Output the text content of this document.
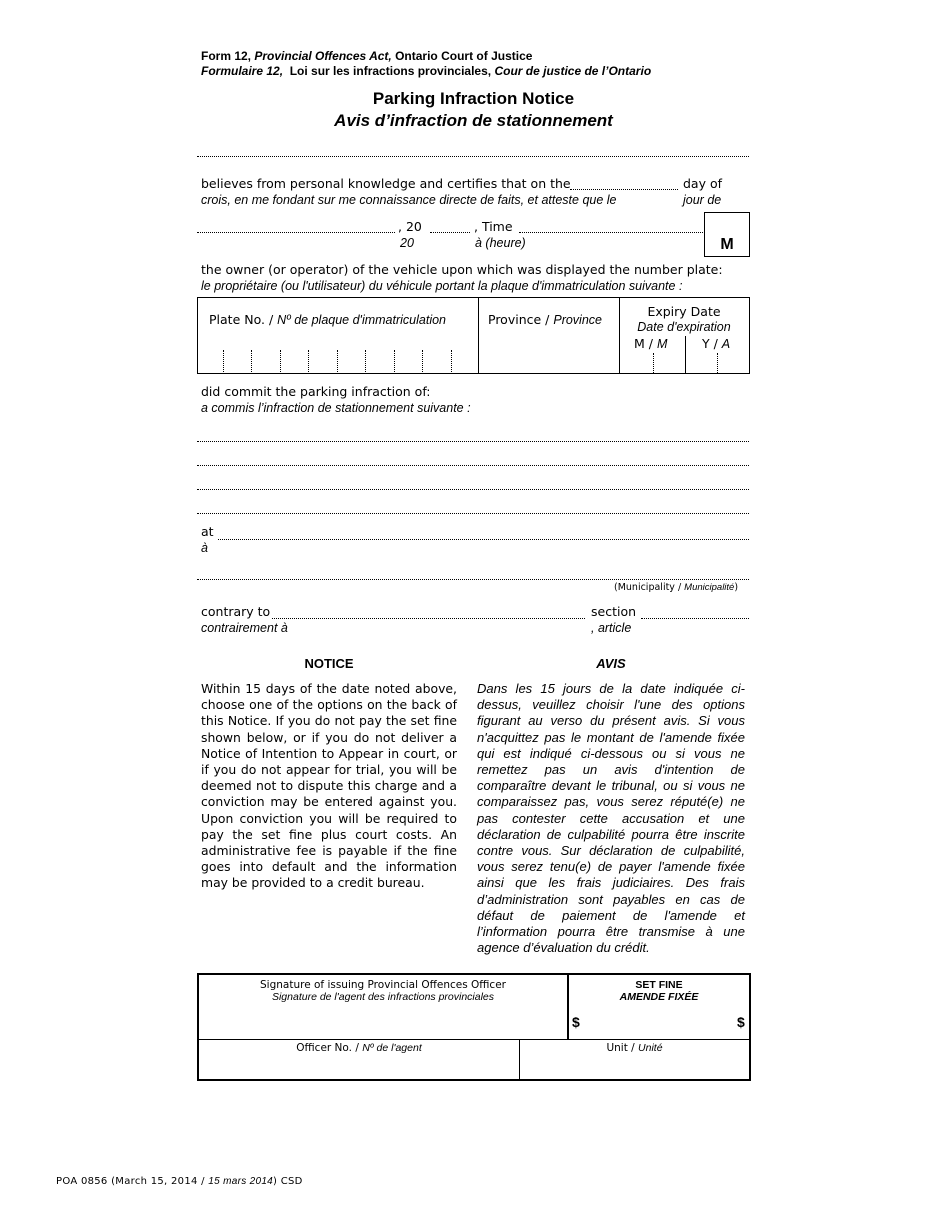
Form 12, Provincial Offences Act, Ontario Court of Justice
Formulaire 12, Loi sur les infractions provinciales, Cour de justice de l’Ontario
Parking Infraction Notice
Avis d’infraction de stationnement
believes from personal knowledge and certifies that on the
crois, en me fondant sur me connaissance directe de faits, et atteste que le
day of
jour de
, 20
20
, Time
à (heure)	M
the owner (or operator) of the vehicle upon which was displayed the number plate:
le propriétaire (ou l'utilisateur) du véhicule portant la plaque d'immatriculation suivante :
Plate No. / Nº de plaque d'immatriculation	Province / Province
Expiry Date
Date d'expiration
M / M	Y / A
did commit the parking infraction of:
a commis l’infraction de stationnement suivante :
at
à
(Municipality / Municipalité)
contrary to
contrairement à
section
, article
NOTICE	AVIS
Within 15 days of the date noted above, choose one of the options on the back of this Notice. If you do not pay the set fine shown below, or if you do not deliver a Notice of Intention to Appear in court, or if you do not appear for trial, you will be deemed not to dispute this charge and a conviction may be entered against you. Upon conviction you will be required to pay the set fine plus court costs. An administrative fee is payable if the fine goes into default and the information may be provided to a credit bureau.
Dans les 15 jours de la date indiquée ci-dessus, veuillez choisir l'une des options figurant au verso du présent avis. Si vous n'acquittez pas le montant de l'amende fixée qui est indiqué ci-dessous ou si vous ne remettez pas un avis d'intention de comparaître devant le tribunal, ou si vous ne comparaissez pas, vous serez réputé(e) ne pas contester cette accusation et une déclaration de culpabilité pourra être inscrite contre vous. Sur déclaration de culpabilité, vous serez tenu(e) de payer l'amende fixée ainsi que les frais judiciaires. Des frais d’administration sont payables en cas de défaut de paiement de l'amende et l’information pourra être transmise à une agence d’évaluation du crédit.
Signature of issuing Provincial Offences Officer
Signature de l'agent des infractions provinciales
SET FINE
AMENDE FIXÉE
$	$
Officer No. / Nº de l'agent	Unit / Unité
POA 0856 (March 15, 2014 / 15 mars 2014) CSD
